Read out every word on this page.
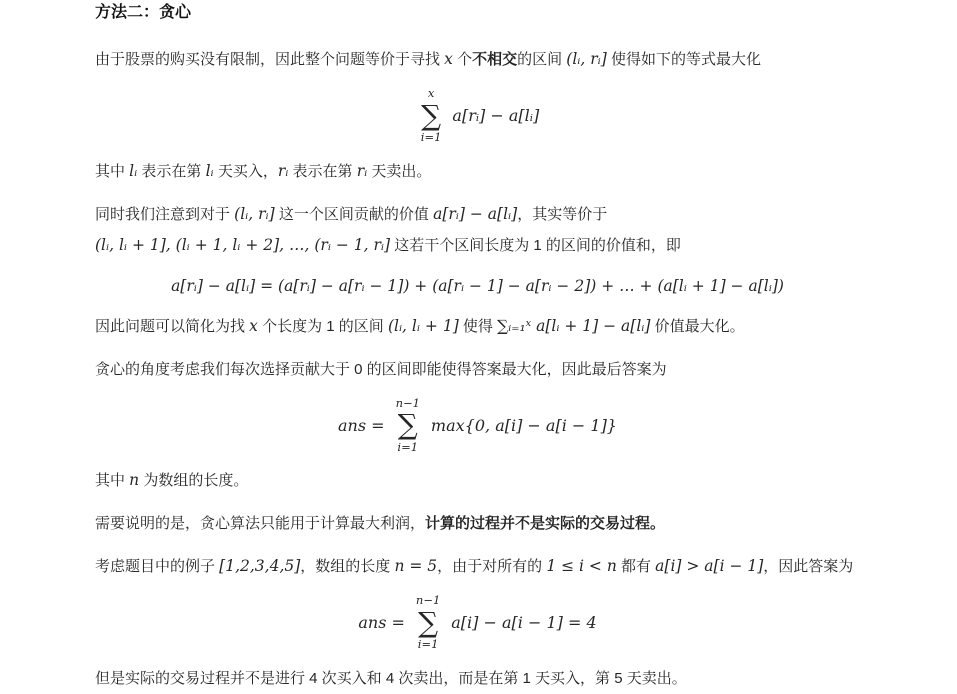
方法二：贪心

由于股票的购买没有限制，因此整个问题等价于寻找 x 个不相交的区间 (lᵢ, rᵢ] 使得如下的等式最大化

x
∑
i=1
a[rᵢ] − a[lᵢ]

其中 lᵢ 表示在第 lᵢ 天买入，rᵢ 表示在第 rᵢ 天卖出。

同时我们注意到对于 (lᵢ, rᵢ] 这一个区间贡献的价值 a[rᵢ] − a[lᵢ]，其实等价于 (lᵢ, lᵢ + 1], (lᵢ + 1, lᵢ + 2], …, (rᵢ − 1, rᵢ] 这若干个区间长度为 1 的区间的价值和，即

a[rᵢ] − a[lᵢ] = (a[rᵢ] − a[rᵢ − 1]) + (a[rᵢ − 1] − a[rᵢ − 2]) + … + (a[lᵢ + 1] − a[lᵢ])

因此问题可以简化为找 x 个长度为 1 的区间 (lᵢ, lᵢ + 1] 使得 ∑ᵢ₌₁ˣ a[lᵢ + 1] − a[lᵢ] 价值最大化。

贪心的角度考虑我们每次选择贡献大于 0 的区间即能使得答案最大化，因此最后答案为

ans =
n−1
∑
i=1
max{0, a[i] − a[i − 1]}

其中 n 为数组的长度。

需要说明的是，贪心算法只能用于计算最大利润，计算的过程并不是实际的交易过程。

考虑题目中的例子 [1,2,3,4,5]，数组的长度 n = 5，由于对所有的 1 ≤ i < n 都有 a[i] > a[i − 1]，因此答案为

ans =
n−1
∑
i=1
a[i] − a[i − 1] = 4

但是实际的交易过程并不是进行 4 次买入和 4 次卖出，而是在第 1 天买入，第 5 天卖出。
